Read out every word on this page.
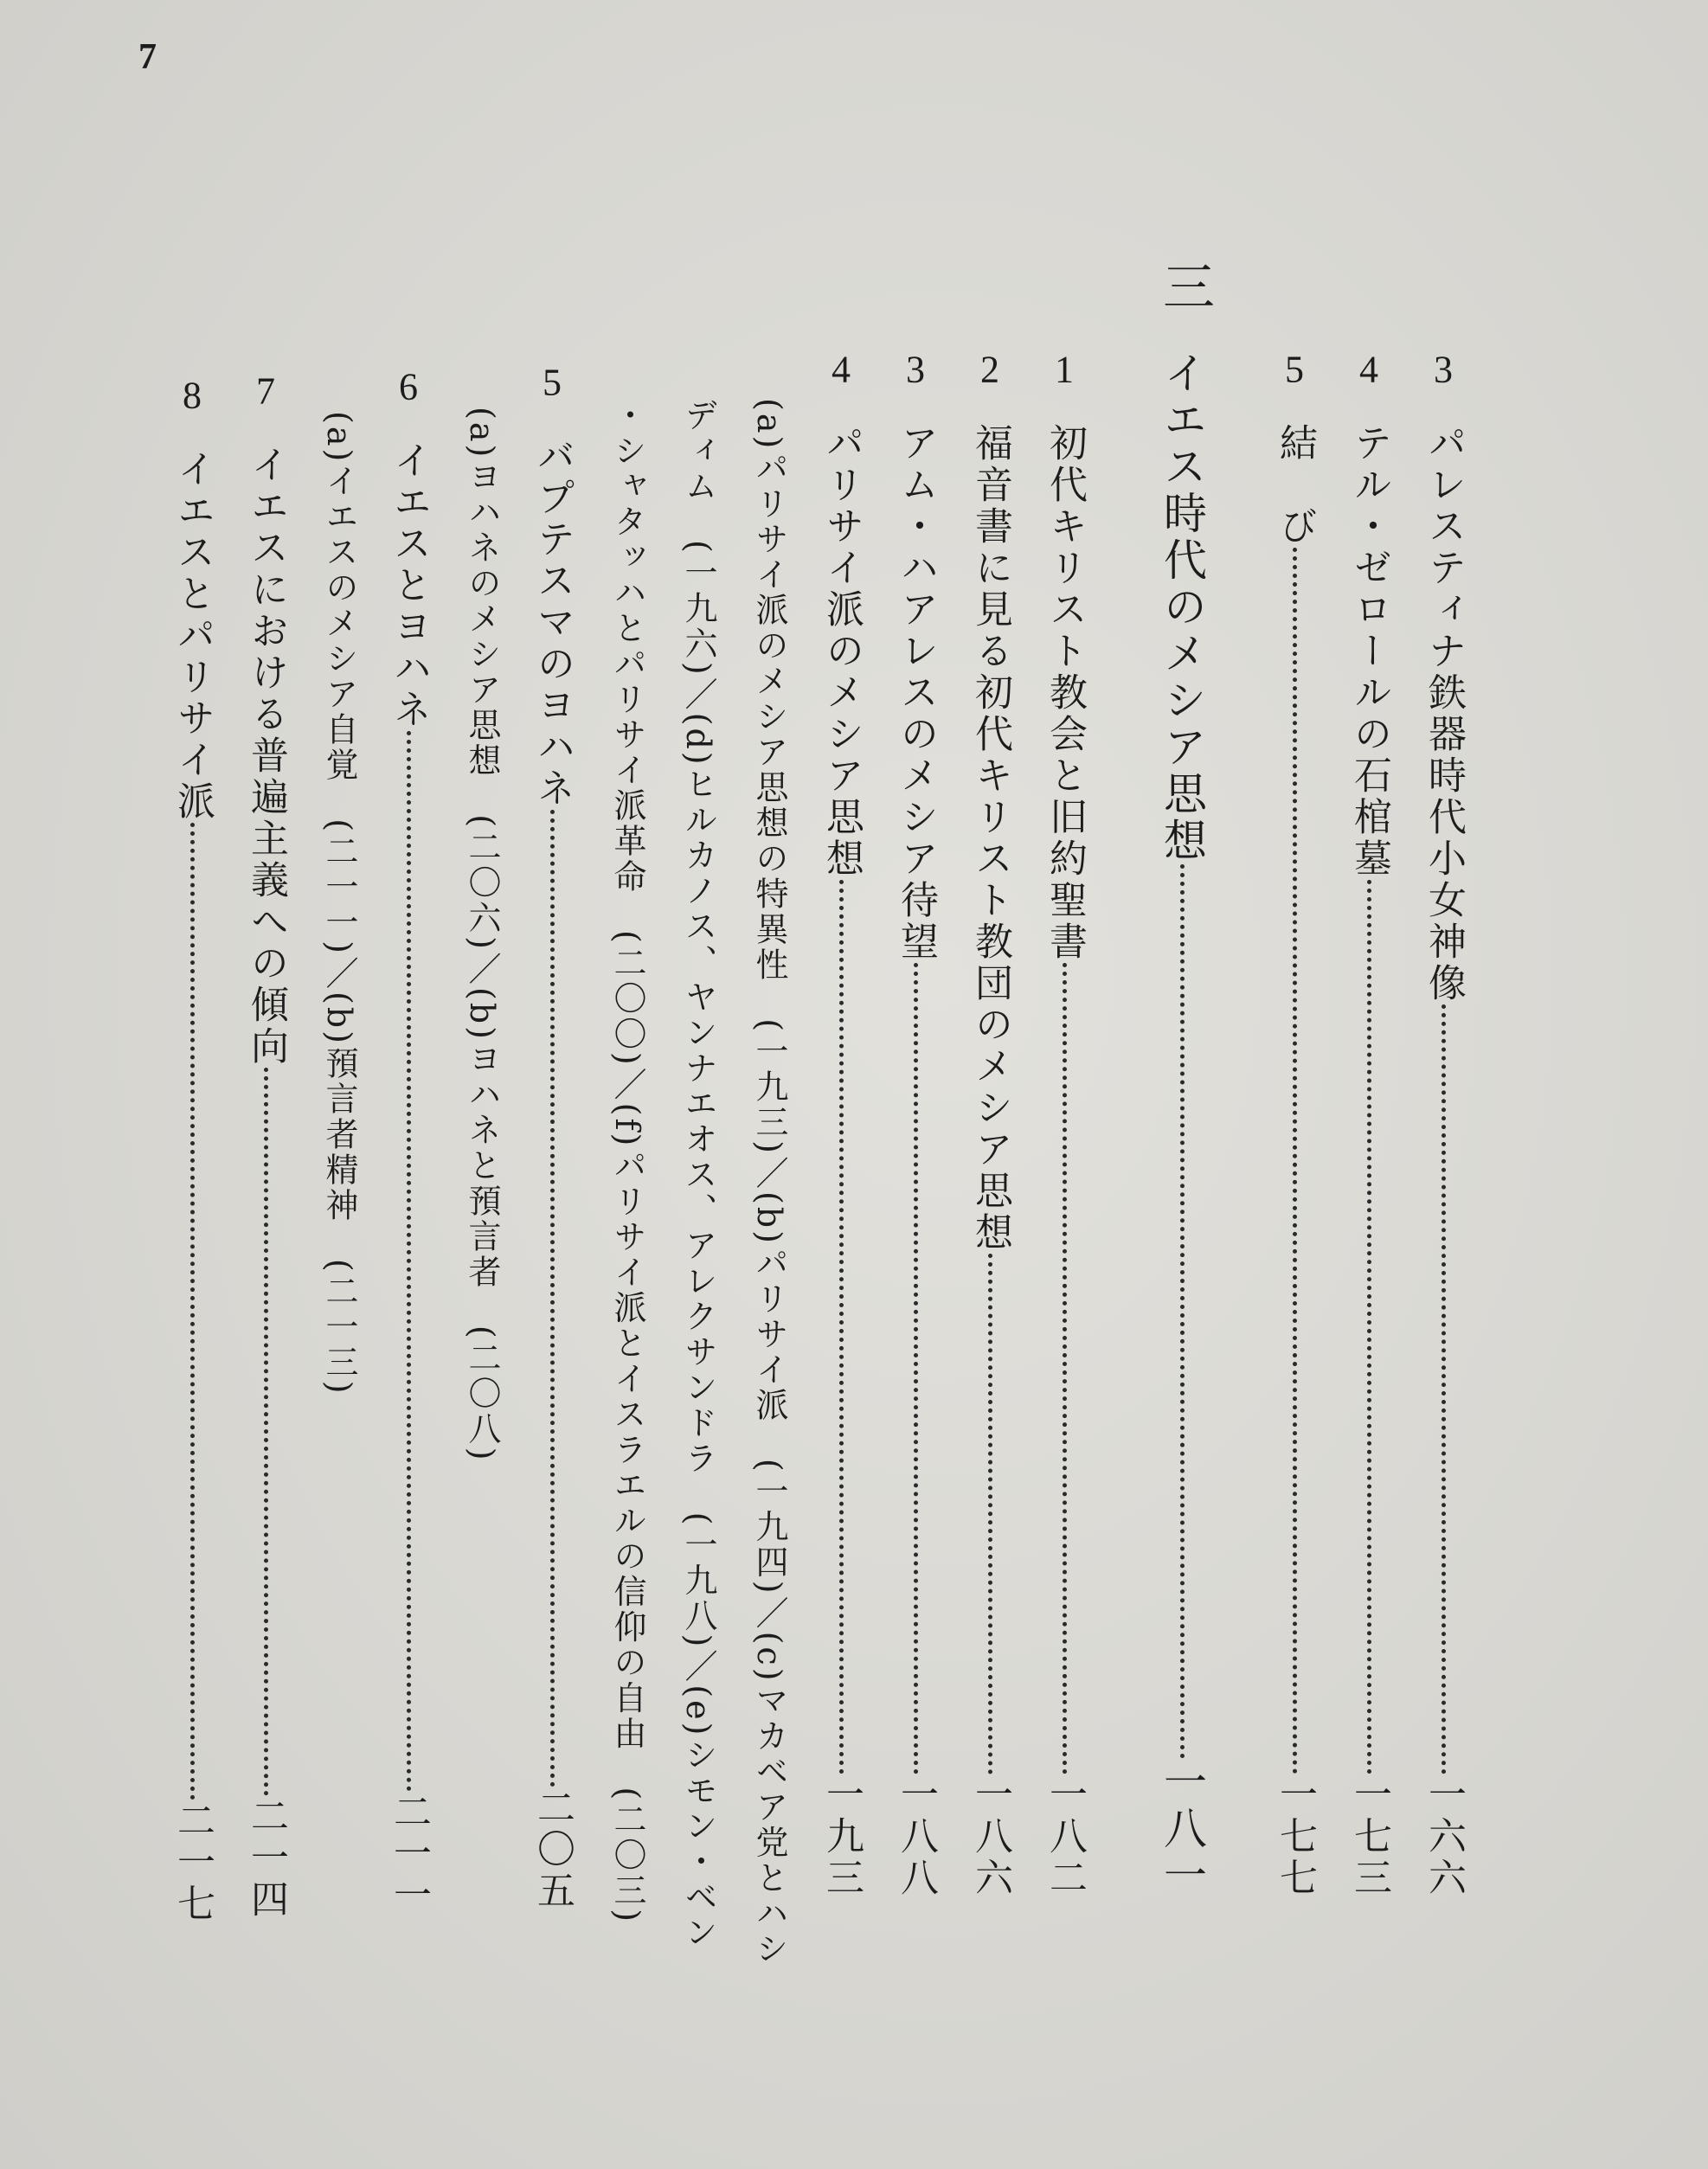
7
3
パレスティナ鉄器時代小女神像
一六六
4
テル・ゼロールの石棺墓
一七三
5
結　び
一七七
三
イエス時代のメシア思想
一八一
1
初代キリスト教会と旧約聖書
一八二
2
福音書に見る初代キリスト教団のメシア思想
一八六
3
アム・ハアレスのメシア待望
一八八
4
パリサイ派のメシア思想
一九三
(a)パリサイ派のメシア思想の特異性　(一九三)／(b)パリサイ派　(一九四)／(c)マカベア党とハシ
ディム　(一九六)／(d)ヒルカノス、ヤンナエオス、アレクサンドラ　(一九八)／(e)シモン・ベン
・シャタッハとパリサイ派革命　(二〇〇)／(f)パリサイ派とイスラエルの信仰の自由　(二〇三)
5
バプテスマのヨハネ
二〇五
(a)ヨハネのメシア思想　(二〇六)／(b)ヨハネと預言者　(二〇八)
6
イエスとヨハネ
二一一
(a)イエスのメシア自覚　(二一一)／(b)預言者精神　(二一三)
7
イエスにおける普遍主義への傾向
二一四
8
イエスとパリサイ派
二一七
